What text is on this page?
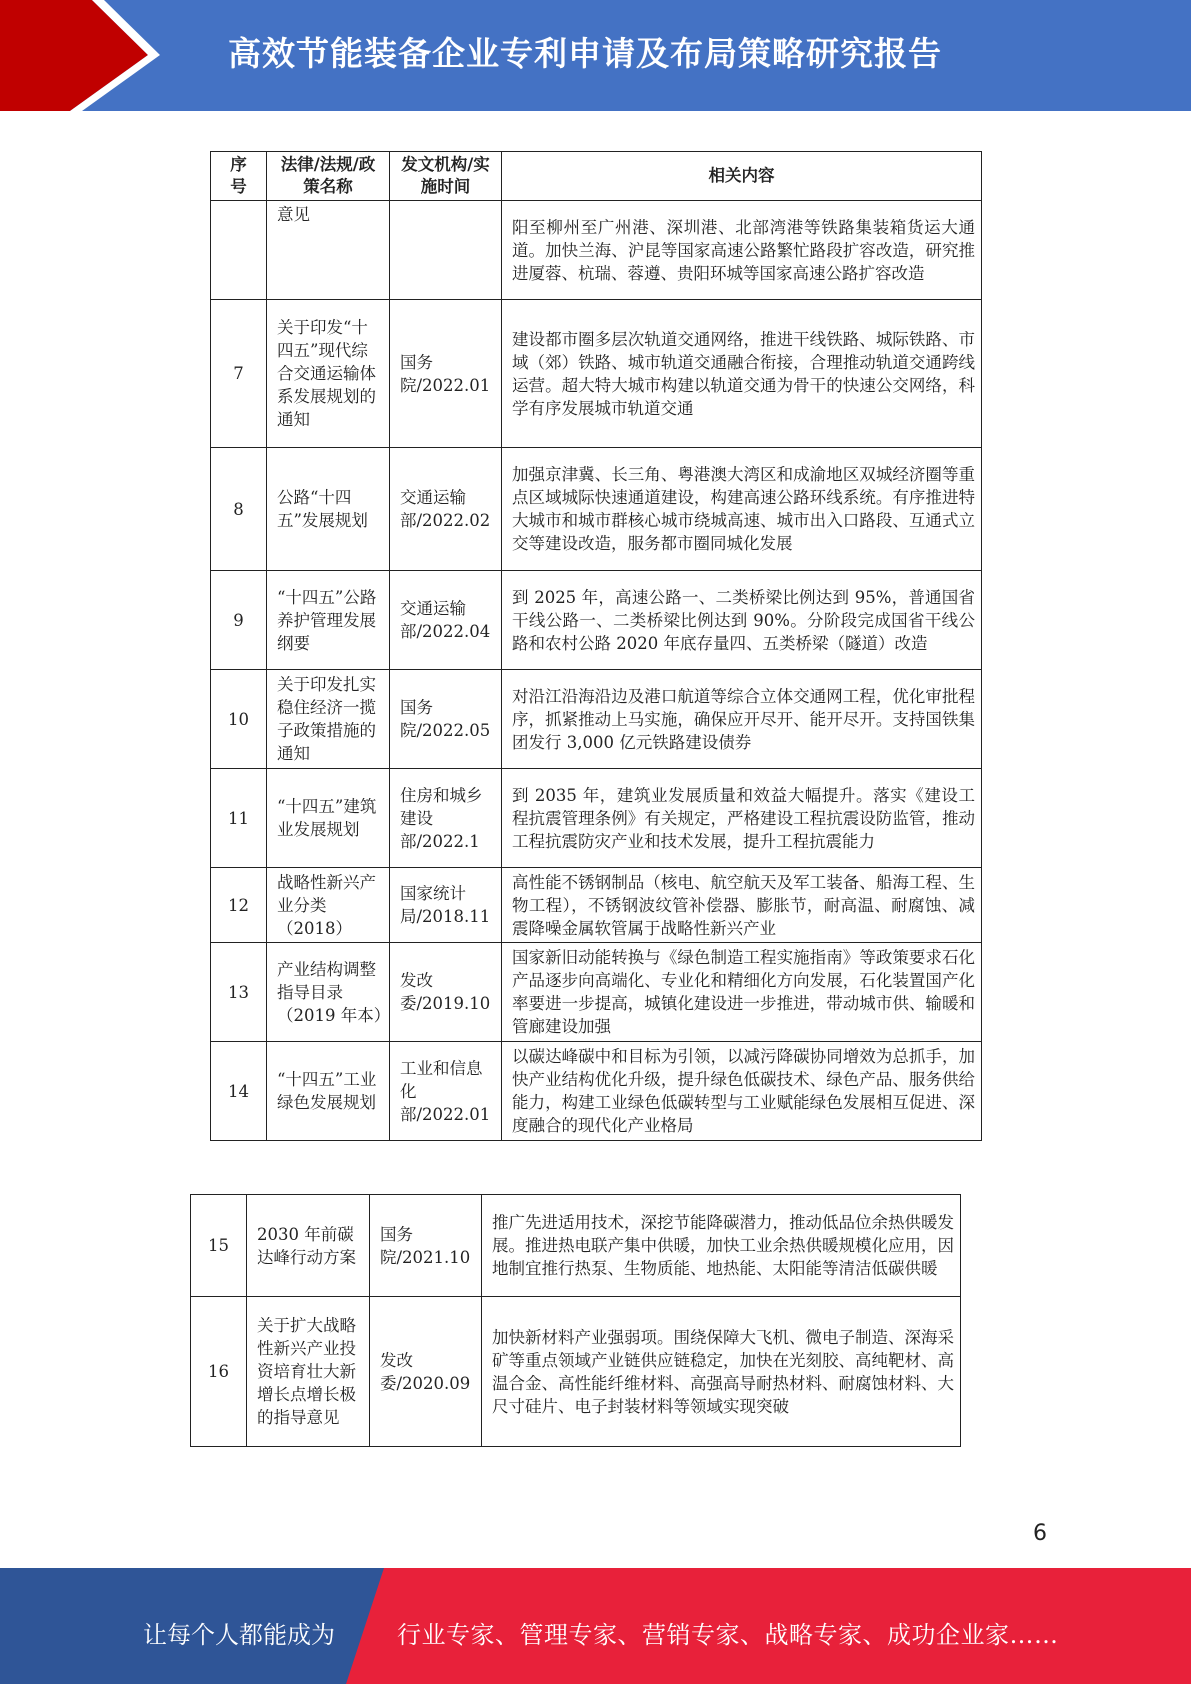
高效节能装备企业专利申请及布局策略研究报告
序号	法律/法规/政策名称	发文机构/实施时间	相关内容
	意见		阳至柳州至广州港、深圳港、北部湾港等铁路集装箱货运大通道。加快兰海、沪昆等国家高速公路繁忙路段扩容改造，研究推进厦蓉、杭瑞、蓉遵、贵阳环城等国家高速公路扩容改造
7	关于印发“十四五”现代综合交通运输体系发展规划的通知	国务院/2022.01	建设都市圈多层次轨道交通网络，推进干线铁路、城际铁路、市域（郊）铁路、城市轨道交通融合衔接，合理推动轨道交通跨线运营。超大特大城市构建以轨道交通为骨干的快速公交网络，科学有序发展城市轨道交通
8	公路“十四五”发展规划	交通运输部/2022.02	加强京津冀、长三角、粤港澳大湾区和成渝地区双城经济圈等重点区域城际快速通道建设，构建高速公路环线系统。有序推进特大城市和城市群核心城市绕城高速、城市出入口路段、互通式立交等建设改造，服务都市圈同城化发展
9	“十四五”公路养护管理发展纲要	交通运输部/2022.04	到 2025 年，高速公路一、二类桥梁比例达到 95%，普通国省干线公路一、二类桥梁比例达到 90%。分阶段完成国省干线公路和农村公路 2020 年底存量四、五类桥梁（隧道）改造
10	关于印发扎实稳住经济一揽子政策措施的通知	国务院/2022.05	对沿江沿海沿边及港口航道等综合立体交通网工程，优化审批程序，抓紧推动上马实施，确保应开尽开、能开尽开。支持国铁集团发行 3,000 亿元铁路建设债券
11	“十四五”建筑业发展规划	住房和城乡建设部/2022.1	到 2035 年，建筑业发展质量和效益大幅提升。落实《建设工程抗震管理条例》有关规定，严格建设工程抗震设防监管，推动工程抗震防灾产业和技术发展，提升工程抗震能力
12	战略性新兴产业分类（2018）	国家统计局/2018.11	高性能不锈钢制品（核电、航空航天及军工装备、船海工程、生物工程），不锈钢波纹管补偿器、膨胀节，耐高温、耐腐蚀、减震降噪金属软管属于战略性新兴产业
13	产业结构调整指导目录（2019 年本）	发改委/2019.10	国家新旧动能转换与《绿色制造工程实施指南》等政策要求石化产品逐步向高端化、专业化和精细化方向发展，石化装置国产化率要进一步提高，城镇化建设进一步推进，带动城市供、输暖和管廊建设加强
14	“十四五”工业绿色发展规划	工业和信息化部/2022.01	以碳达峰碳中和目标为引领，以减污降碳协同增效为总抓手，加快产业结构优化升级，提升绿色低碳技术、绿色产品、服务供给能力，构建工业绿色低碳转型与工业赋能绿色发展相互促进、深度融合的现代化产业格局
15	2030 年前碳达峰行动方案	国务院/2021.10	推广先进适用技术，深挖节能降碳潜力，推动低品位余热供暖发展。推进热电联产集中供暖，加快工业余热供暖规模化应用，因地制宜推行热泵、生物质能、地热能、太阳能等清洁低碳供暖
16	关于扩大战略性新兴产业投资培育壮大新增长点增长极的指导意见	发改委/2020.09	加快新材料产业强弱项。围绕保障大飞机、微电子制造、深海采矿等重点领域产业链供应链稳定，加快在光刻胶、高纯靶材、高温合金、高性能纤维材料、高强高导耐热材料、耐腐蚀材料、大尺寸硅片、电子封装材料等领域实现突破
6
让每个人都能成为	行业专家、管理专家、营销专家、战略专家、成功企业家……
